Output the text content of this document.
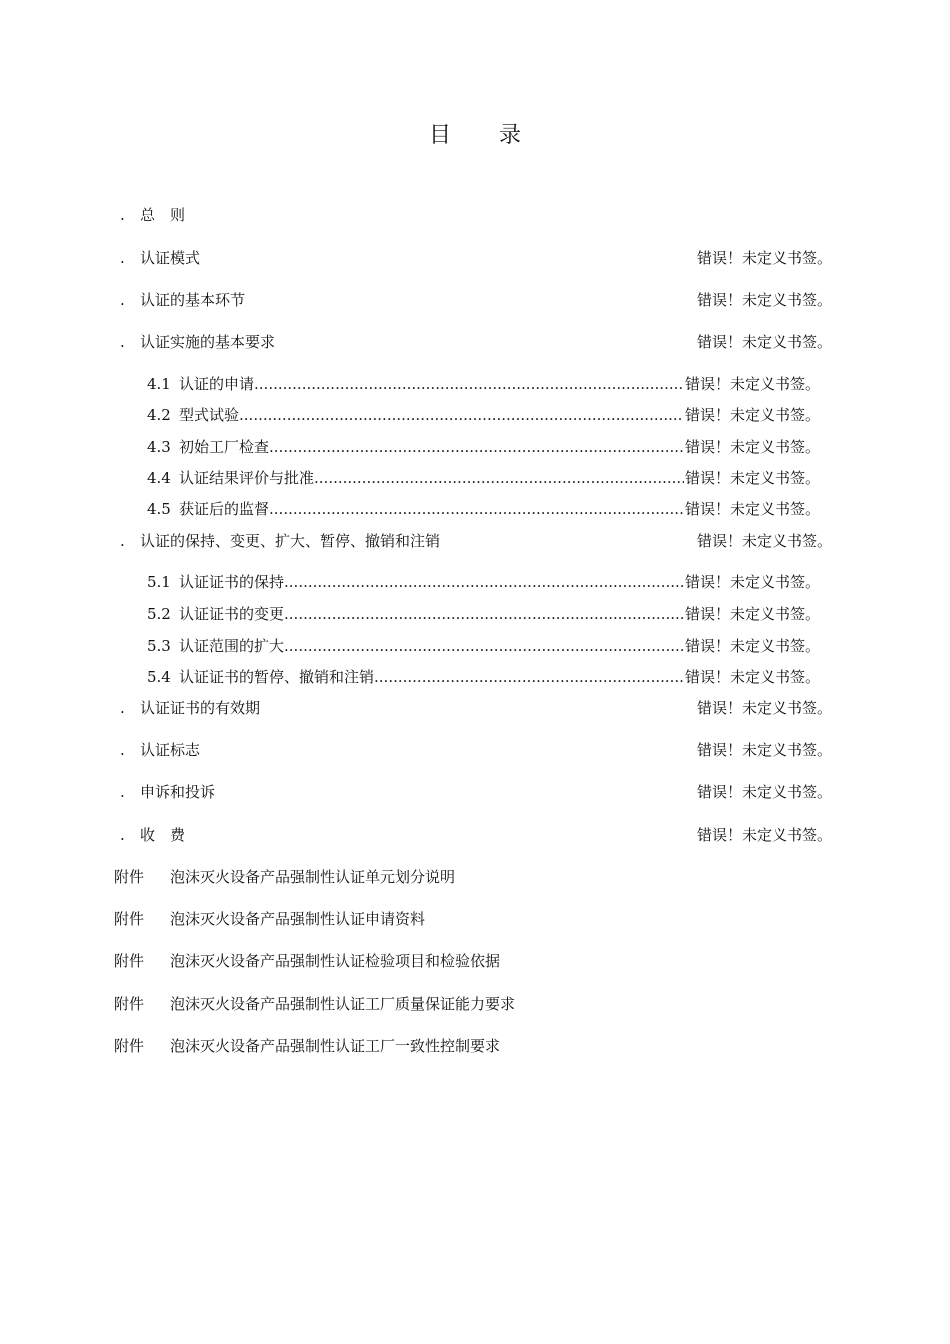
目 录
. 总　则
. 认证模式	错误！未定义书签。
. 认证的基本环节	错误！未定义书签。
. 认证实施的基本要求	错误！未定义书签。
4.1 认证的申请 .....	错误！未定义书签。
4.2 型式试验 .....	错误！未定义书签。
4.3 初始工厂检查 .....	错误！未定义书签。
4.4 认证结果评价与批准 .....	错误！未定义书签。
4.5 获证后的监督 .....	错误！未定义书签。
. 认证的保持、变更、扩大、暂停、撤销和注销	错误！未定义书签。
5.1 认证证书的保持 .....	错误！未定义书签。
5.2 认证证书的变更 .....	错误！未定义书签。
5.3 认证范围的扩大 .....	错误！未定义书签。
5.4 认证证书的暂停、撤销和注销 .....	错误！未定义书签。
. 认证证书的有效期	错误！未定义书签。
. 认证标志	错误！未定义书签。
. 申诉和投诉	错误！未定义书签。
. 收　费	错误！未定义书签。
附件 泡沫灭火设备产品强制性认证单元划分说明
附件 泡沫灭火设备产品强制性认证申请资料
附件 泡沫灭火设备产品强制性认证检验项目和检验依据
附件 泡沫灭火设备产品强制性认证工厂质量保证能力要求
附件 泡沫灭火设备产品强制性认证工厂一致性控制要求
